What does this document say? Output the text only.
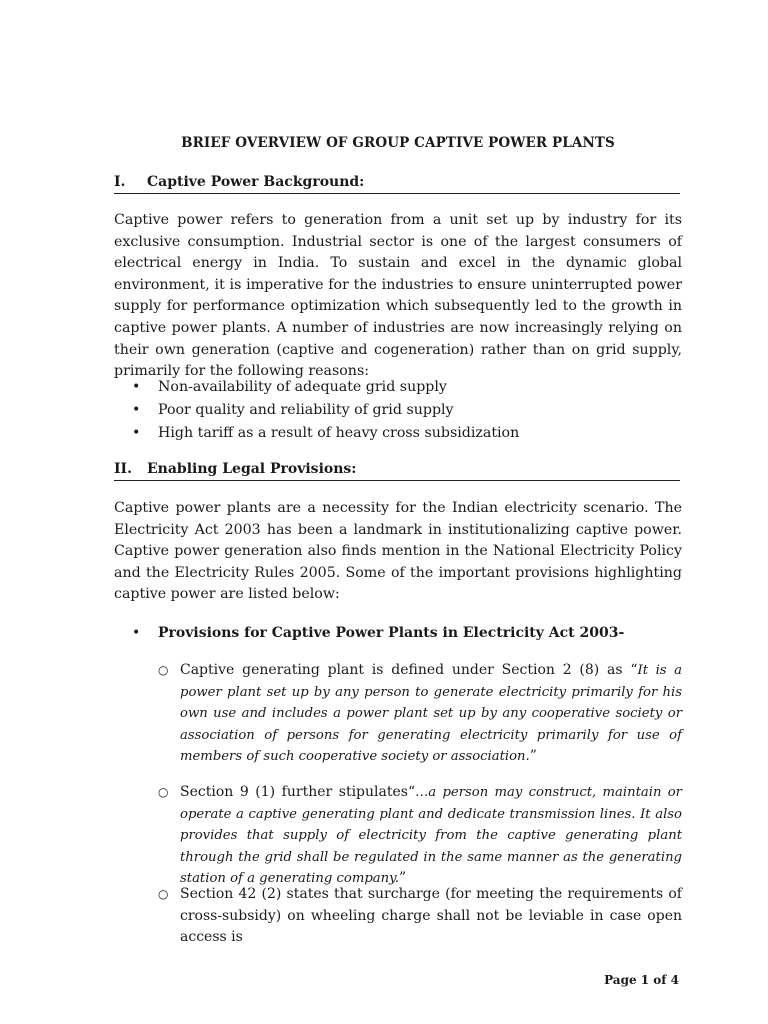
BRIEF OVERVIEW OF GROUP CAPTIVE POWER PLANTS
I. Captive Power Background:

Captive power refers to generation from a unit set up by industry for its exclusive consumption. Industrial sector is one of the largest consumers of electrical energy in India. To sustain and excel in the dynamic global environment, it is imperative for the industries to ensure uninterrupted power supply for performance optimization which subsequently led to the growth in captive power plants. A number of industries are now increasingly relying on their own generation (captive and cogeneration) rather than on grid supply, primarily for the following reasons:

• Non-availability of adequate grid supply
• Poor quality and reliability of grid supply
• High tariff as a result of heavy cross subsidization
II. Enabling Legal Provisions:

Captive power plants are a necessity for the Indian electricity scenario. The Electricity Act 2003 has been a landmark in institutionalizing captive power. Captive power generation also finds mention in the National Electricity Policy and the Electricity Rules 2005. Some of the important provisions highlighting captive power are listed below:

• Provisions for Captive Power Plants in Electricity Act 2003-
○ Captive generating plant is defined under Section 2 (8) as “It is a power plant set up by any person to generate electricity primarily for his own use and includes a power plant set up by any cooperative society or association of persons for generating electricity primarily for use of members of such cooperative society or association.”
○ Section 9 (1) further stipulates“…a person may construct, maintain or operate a captive generating plant and dedicate transmission lines. It also provides that supply of electricity from the captive generating plant through the grid shall be regulated in the same manner as the generating station of a generating company.”
○ Section 42 (2) states that surcharge (for meeting the requirements of cross-subsidy) on wheeling charge shall not be leviable in case open access is
Page 1 of 4
